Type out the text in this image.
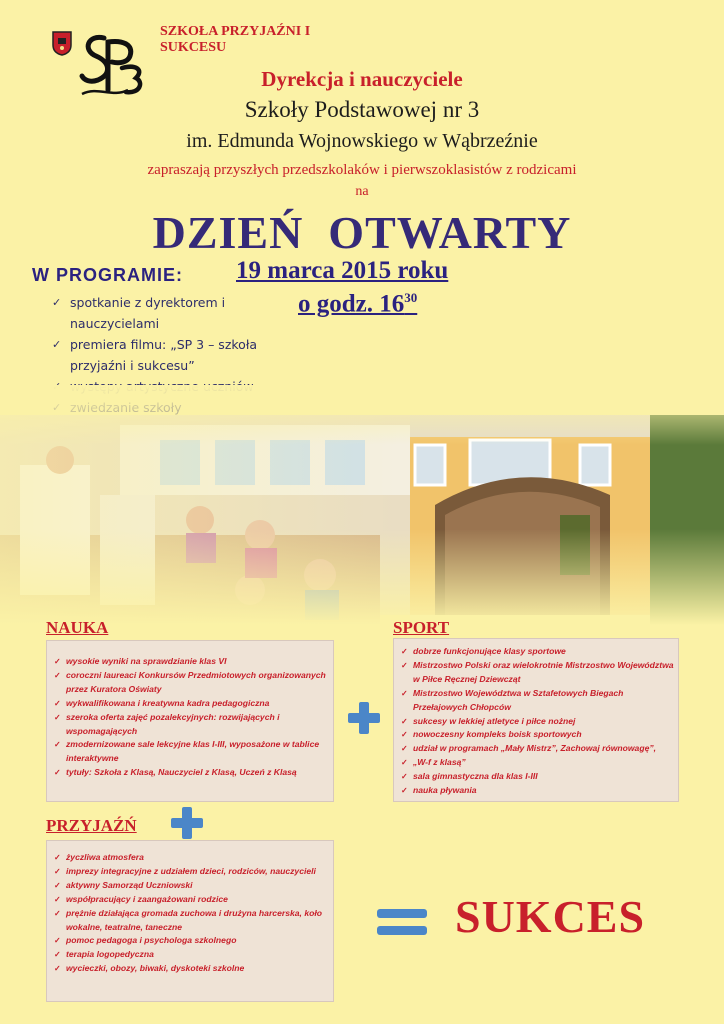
SZKOŁA PRZYJAŹNI I SUKCESU
Dyrekcja i nauczyciele
Szkoły Podstawowej nr 3
im. Edmunda Wojnowskiego w Wąbrzeźnie
zapraszają przyszłych przedszkolaków i pierwszoklasistów z rodzicami
na
DZIEŃ  OTWARTY
19 marca 2015 roku
o godz. $16^{30}$
W PROGRAMIE:
✓ spotkanie z dyrektorem i nauczycielami
✓ premiera filmu: „SP 3 – szkoła przyjaźni i sukcesu”
✓
✓
✓
NAUKA
✓ wysokie wyniki na sprawdzianie klas VI
✓ coroczni laureaci Konkursów Przedmiotowych organizowanych przez Kuratora Oświaty
✓ wykwalifikowana i kreatywna kadra pedagogiczna
✓ szeroka oferta zajęć pozalekcyjnych: rozwijających i wspomagających
✓ zmodernizowane sale lekcyjne klas I-III, wyposażone w tablice interaktywne
✓ tytuły: Szkoła z Klasą, Nauczyciel z Klasą, Uczeń z Klasą
SPORT
✓ dobrze funkcjonujące klasy sportowe
✓ Mistrzostwo Polski oraz wielokrotnie Mistrzostwo Województwa w Piłce Ręcznej Dziewcząt
✓ Mistrzostwo Województwa w Sztafetowych Biegach Przełajowych Chłopców
✓ sukcesy w lekkiej atletyce i piłce nożnej
✓ nowoczesny kompleks boisk sportowych
✓ udział w programach „Mały Mistrz”, Zachowaj równowagę”,
✓ „W-f z klasą”
✓ sala gimnastyczna dla klas I-III
✓ nauka pływania
PRZYJAŹŃ
✓ życzliwa atmosfera
✓ imprezy integracyjne z udziałem dzieci, rodziców, nauczycieli
✓ aktywny Samorząd Uczniowski
✓ współpracujący i zaangażowani rodzice
✓ prężnie działająca gromada zuchowa i drużyna harcerska, koło wokalne, teatralne, taneczne
✓ pomoc pedagoga i psychologa szkolnego
✓ terapia logopedyczna
✓ wycieczki, obozy, biwaki, dyskoteki szkolne
SUKCES
